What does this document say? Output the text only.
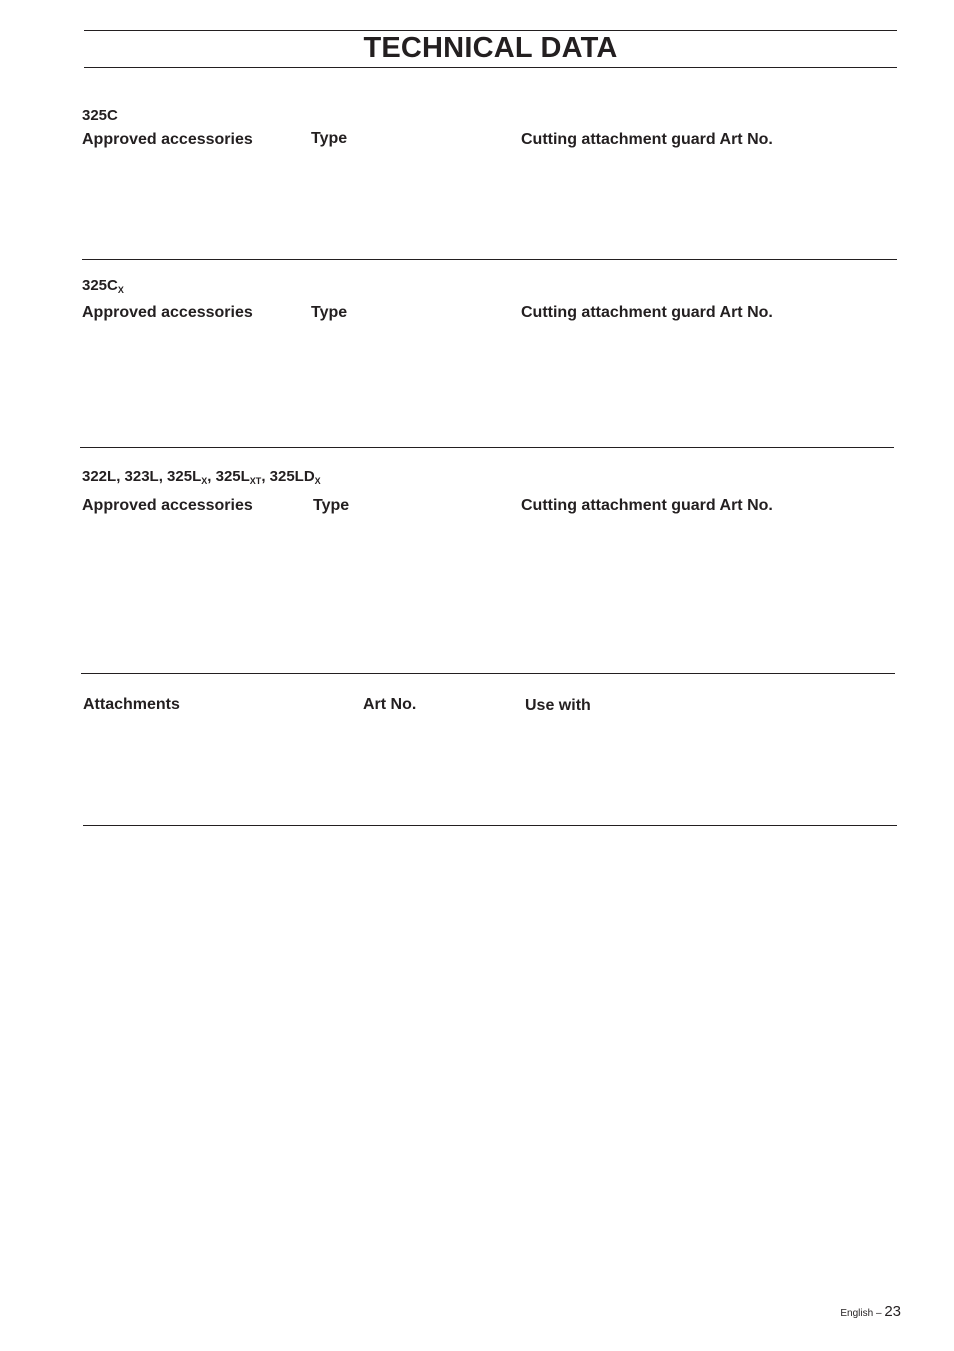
TECHNICAL DATA
325C
Approved accessories	Type	Cutting attachment guard Art No.
$325C_X$
Approved accessories	Type	Cutting attachment guard Art No.
322L, 323L, $325L_X$, $325L_{XT}$, $325LD_X$
Approved accessories	Type	Cutting attachment guard Art No.
Attachments	Art No.	Use with
English – 23
